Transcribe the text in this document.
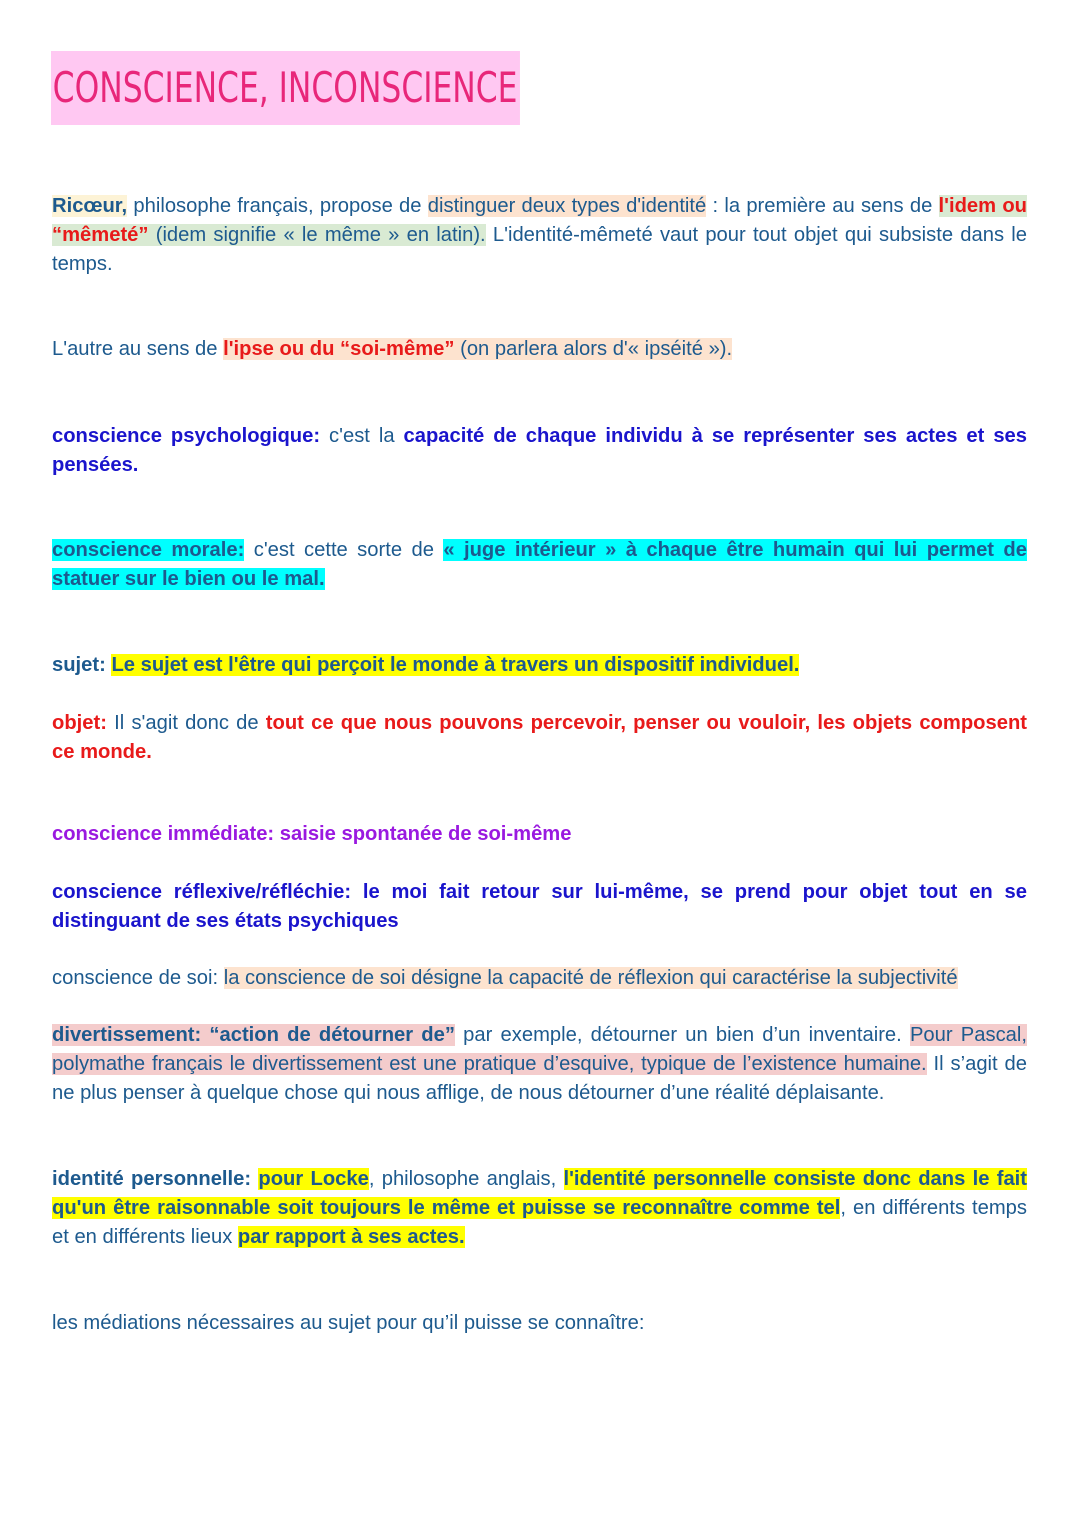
CONSCIENCE, INCONSCIENCE

Ricœur, philosophe français, propose de distinguer deux types d'identité : la première au sens de l'idem ou “mêmeté” (idem signifie « le même » en latin). L'identité-mêmeté vaut pour tout objet qui subsiste dans le temps.

L'autre au sens de l'ipse ou du “soi-même” (on parlera alors d'« ipséité »).

conscience psychologique: c'est la capacité de chaque individu à se représenter ses actes et ses pensées.

conscience morale: c'est cette sorte de « juge intérieur » à chaque être humain qui lui permet de statuer sur le bien ou le mal.

sujet: Le sujet est l'être qui perçoit le monde à travers un dispositif individuel.

objet: Il s'agit donc de tout ce que nous pouvons percevoir, penser ou vouloir, les objets composent ce monde.

conscience immédiate: saisie spontanée de soi-même

conscience réflexive/réfléchie: le moi fait retour sur lui-même, se prend pour objet tout en se distinguant de ses états psychiques

conscience de soi: la conscience de soi désigne la capacité de réflexion qui caractérise la subjectivité

divertissement: “action de détourner de” par exemple, détourner un bien d’un inventaire. Pour Pascal, polymathe français le divertissement est une pratique d’esquive, typique de l’existence humaine. Il s’agit de ne plus penser à quelque chose qui nous afflige, de nous détourner d’une réalité déplaisante.

identité personnelle: pour Locke, philosophe anglais, l'identité personnelle consiste donc dans le fait qu'un être raisonnable soit toujours le même et puisse se reconnaître comme tel, en différents temps et en différents lieux par rapport à ses actes.

les médiations nécessaires au sujet pour qu’il puisse se connaître:
